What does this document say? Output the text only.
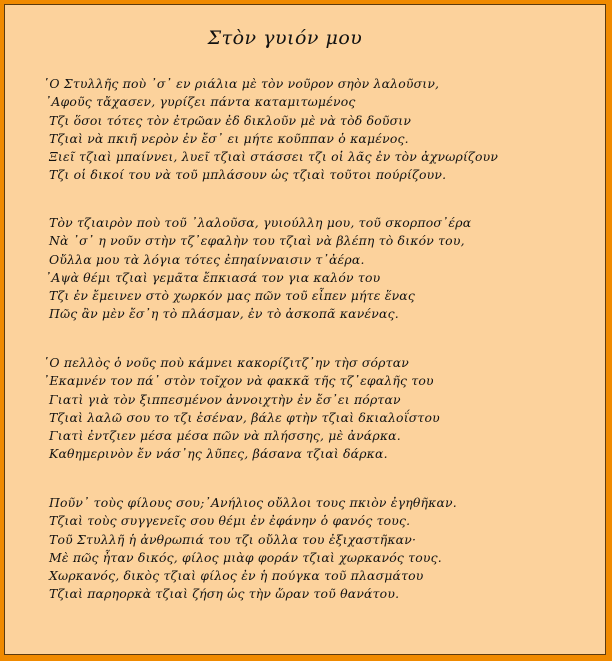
Στὸν γυιόν μου
῾Ο Στυλλῆς ποὺ ᾿σ᾿ εν ριάλια μὲ τὸν νοῦρον σηὸν λαλοῦσιν,
᾿Αφοῦς τἄχασεν, γυρίζει πάντα καταμιτωμένος
Τζι ὅσοι τότες τὸν ἐτρῶαν ἐδ δικλοῦν μὲ νὰ τὸδ δοῦσιν
Τζιαὶ νὰ πκιῆ νερὸν ἐν ἔσ᾿ ει μήτε κοῦππαν ὁ καμένος.
Ξιεῖ τζιαὶ μπαίννει, λυεῖ τζιαὶ στάσσει τζι οἱ λᾶς ἐν τὸν ἀχνωρίζουν
Τζι οἱ δικοί του νὰ τοῦ μπλάσουν ὡς τζιαὶ τοῦτοι πούρίζουν.
Τὸν τζιαιρὸν ποὺ τοῦ ᾿λαλοῦσα, γυιούλλη μου, τοῦ σκορποσ᾿έρα
Νὰ ᾿σ᾿ η νοῦν στὴν τζ᾿εφαλὴν του τζιαὶ νὰ βλέπη τὸ δικόν του,
Οὔλλα μου τὰ λόγια τότες ἐπηαίνναισιν τ᾿ἀέρα.
᾿Αψὰ θέμι τζιαὶ γεμᾶτα ἔπκιασά τον για καλόν του
Τζι ἐν ἔμεινεν στὸ χωρκόν μας πῶν τοῦ εἶπεν μήτε ἕνας
Πῶς ἂν μὲν ἔσ᾿η τὸ πλάσμαν, ἐν τὸ ἀσκοπᾶ κανένας.
῾Ο πελλὸς ὁ νοῦς ποὺ κάμνει κακορίζιτζ᾿ην τὴσ σόρταν
᾿Εκαμνέν τον πά᾿ στὸν τοῖχον νὰ φακκᾶ τῆς τζ᾿εφαλῆς του
Γιατὶ γιὰ τὸν ξιππεσμένον ἀννοιχτὴν ἐν ἔσ᾿ει πόρταν
Τζιαὶ λαλῶ σου το τζι ἐσέναν, βάλε φτὴν τζιαὶ δκιαλοΐστου
Γιατὶ ἐντζιεν μέσα μέσα πῶν νὰ πλήσσης, μὲ ἀνάρκα.
Καθημερινὸν ἔν νάσ᾿ης λῦπες, βάσανα τζιαὶ δάρκα.
Ποῦν᾿ τοὺς φίλους σου;᾿Ανήλιος οὔλλοι τους πκιὸν ἐγηθῆκαν.
Τζιαὶ τοὺς συγγενεῖς σου θέμι ἐν ἐφάνην ὁ φανός τους.
Τοῦ Στυλλῆ ἡ ἀνθρωπιά του τζι οὔλλα του ἐξιχαστῆκαν·
Μὲ πῶς ἦταν δικός, φίλος μιὰφ φοράν τζιαὶ χωρκανός τους.
Χωρκανός, δικὸς τζιαὶ φίλος ἐν ἡ πούγκα τοῦ πλασμάτου
Τζιαὶ παρηορκὰ τζιαὶ ζήση ὡς τὴν ὥραν τοῦ θανάτου.
